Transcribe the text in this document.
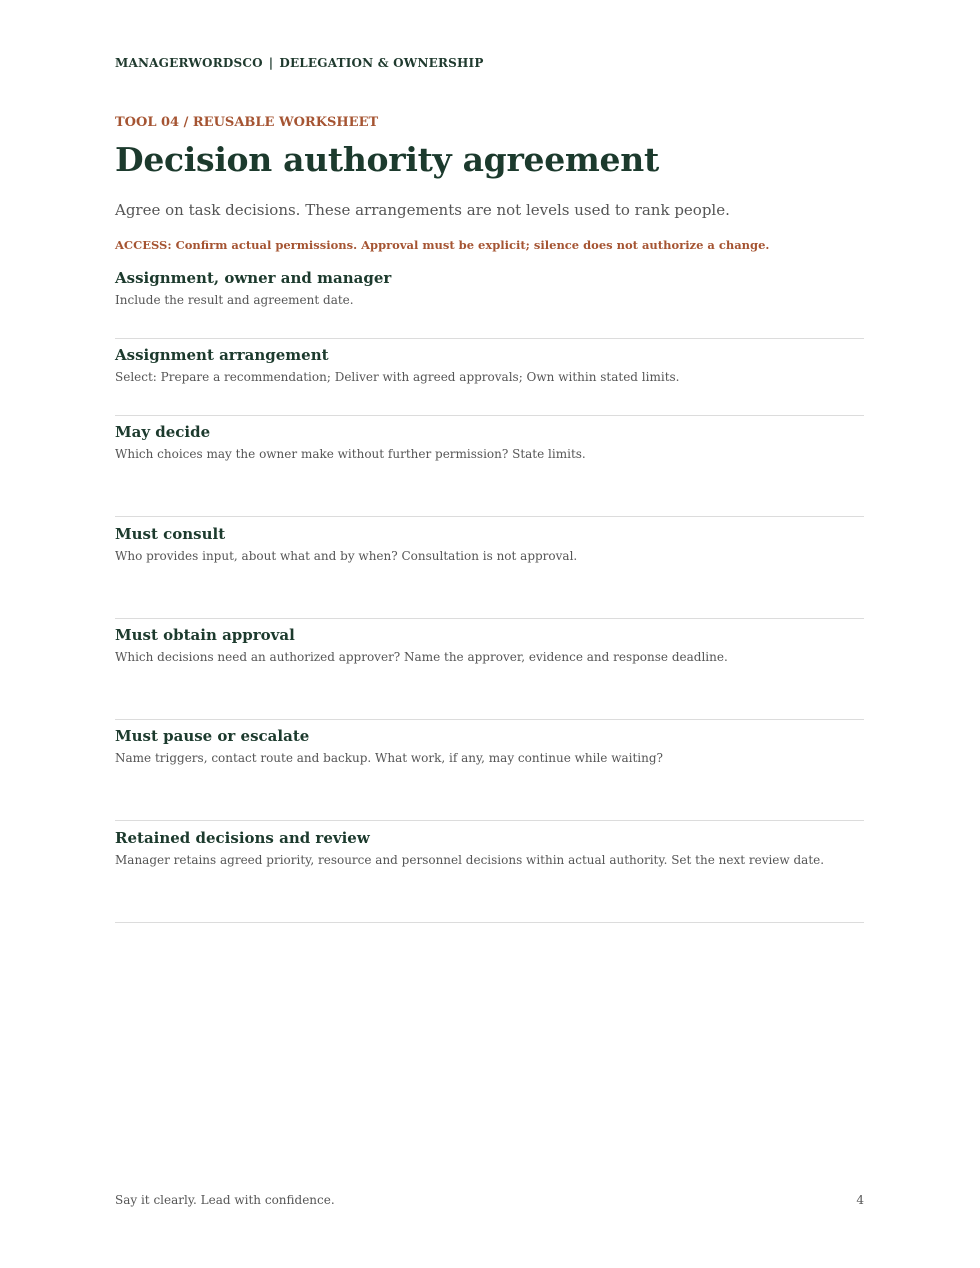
MANAGERWORDSCO | DELEGATION & OWNERSHIP
TOOL 04 / REUSABLE WORKSHEET
Decision authority agreement
Agree on task decisions. These arrangements are not levels used to rank people.
ACCESS: Confirm actual permissions. Approval must be explicit; silence does not authorize a change.
Assignment, owner and manager
Include the result and agreement date.
Assignment arrangement
Select: Prepare a recommendation; Deliver with agreed approvals; Own within stated limits.
May decide
Which choices may the owner make without further permission? State limits.
Must consult
Who provides input, about what and by when? Consultation is not approval.
Must obtain approval
Which decisions need an authorized approver? Name the approver, evidence and response deadline.
Must pause or escalate
Name triggers, contact route and backup. What work, if any, may continue while waiting?
Retained decisions and review
Manager retains agreed priority, resource and personnel decisions within actual authority. Set the next review date.
Say it clearly. Lead with confidence.	4
